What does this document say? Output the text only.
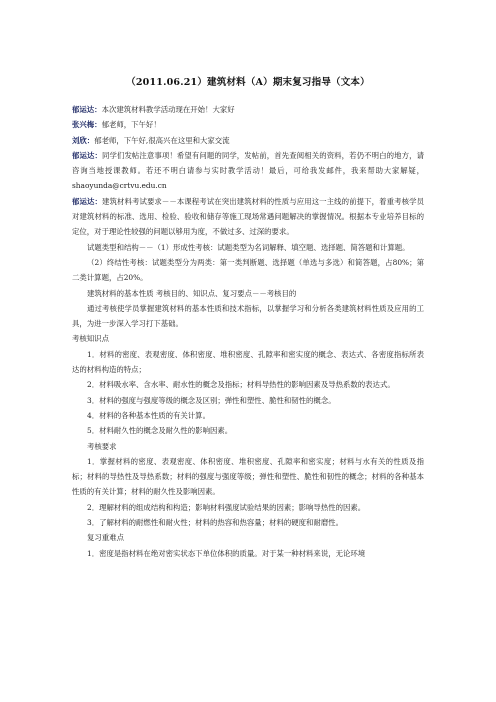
（2011.06.21）建筑材料（A）期末复习指导（文本）

郁运达：本次建筑材料教学活动现在开始！大家好

张兴梅：郁老师，下午好！

刘欣：郁老师，下午好,很高兴在这里和大家交流

郁运达：同学们发帖注意事项！希望有问题的同学，发帖前，首先查阅相关的资料，若仍不明白的地方，请咨询当地授课教师。若还不明白请参与实时教学活动！最后，可给我发邮件，我来帮助大家解疑，shaoyunda@crtvu.edu.cn

郁运达：建筑材料考试要求－－本课程考试在突出建筑材料的性质与应用这一主线的前提下，着重考核学员对建筑材料的标准、选用、检验、验收和储存等施工现场常遇问题解决的掌握情况。根据本专业培养目标的定位，对于理论性较强的问题以够用为度，不做过多、过深的要求。

试题类型和结构－－（1）形成性考核：试题类型为名词解释、填空题、选择题、简答题和计算题。

（2）终结性考核：试题类型分为两类：第一类判断题、选择题（单选与多选）和简答题，占80%；第二类计算题，占20%。

建筑材料的基本性质 考核目的、知识点、复习要点－－考核目的

通过考核使学员掌握建筑材料的基本性质和技术指标，以掌握学习和分析各类建筑材料性质及应用的工具，为进一步深入学习打下基础。

考核知识点

1．材料的密度、表观密度、体积密度、堆积密度、孔隙率和密实度的概念、表达式、各密度指标所表达的材料构造的特点；

2．材料吸水率、含水率、耐水性的概念及指标；材料导热性的影响因素及导热系数的表达式。

3．材料的强度与强度等级的概念及区别；弹性和塑性、脆性和韧性的概念。

4．材料的各种基本性质的有关计算。

5．材料耐久性的概念及耐久性的影响因素。

考核要求

1．掌握材料的密度、表观密度、体积密度、堆积密度、孔隙率和密实度；材料与水有关的性质及指标；材料的导热性及导热系数；材料的强度与强度等级；弹性和塑性、脆性和韧性的概念；材料的各种基本性质的有关计算；材料的耐久性及影响因素。

2．理解材料的组成结构和构造；影响材料强度试验结果的因素；影响导热性的因素。

3．了解材料的耐燃性和耐火性；材料的热容和热容量；材料的硬度和耐磨性。

复习重难点

1．密度是指材料在绝对密实状态下单位体积的质量。对于某一种材料来说，无论环境
